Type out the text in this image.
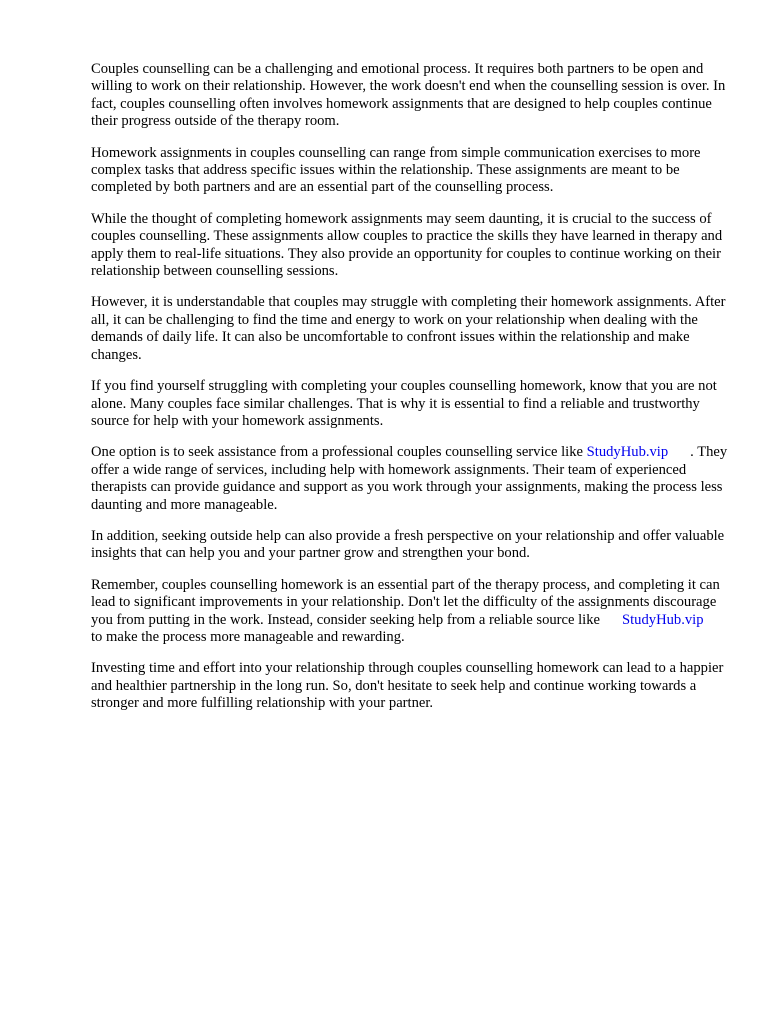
Couples counselling can be a challenging and emotional process. It requires both partners to be open and willing to work on their relationship. However, the work doesn't end when the counselling session is over. In fact, couples counselling often involves homework assignments that are designed to help couples continue their progress outside of the therapy room.

Homework assignments in couples counselling can range from simple communication exercises to more complex tasks that address specific issues within the relationship. These assignments are meant to be completed by both partners and are an essential part of the counselling process.

While the thought of completing homework assignments may seem daunting, it is crucial to the success of couples counselling. These assignments allow couples to practice the skills they have learned in therapy and apply them to real-life situations. They also provide an opportunity for couples to continue working on their relationship between counselling sessions.

However, it is understandable that couples may struggle with completing their homework assignments. After all, it can be challenging to find the time and energy to work on your relationship when dealing with the demands of daily life. It can also be uncomfortable to confront issues within the relationship and make changes.

If you find yourself struggling with completing your couples counselling homework, know that you are not alone. Many couples face similar challenges. That is why it is essential to find a reliable and trustworthy source for help with your homework assignments.

One option is to seek assistance from a professional couples counselling service like StudyHub.vip . They offer a wide range of services, including help with homework assignments. Their team of experienced therapists can provide guidance and support as you work through your assignments, making the process less daunting and more manageable.

In addition, seeking outside help can also provide a fresh perspective on your relationship and offer valuable insights that can help you and your partner grow and strengthen your bond.

Remember, couples counselling homework is an essential part of the therapy process, and completing it can lead to significant improvements in your relationship. Don't let the difficulty of the assignments discourage you from putting in the work. Instead, consider seeking help from a reliable source like StudyHub.vipto make the process more manageable and rewarding.

Investing time and effort into your relationship through couples counselling homework can lead to a happier and healthier partnership in the long run. So, don't hesitate to seek help and continue working towards a stronger and more fulfilling relationship with your partner.
